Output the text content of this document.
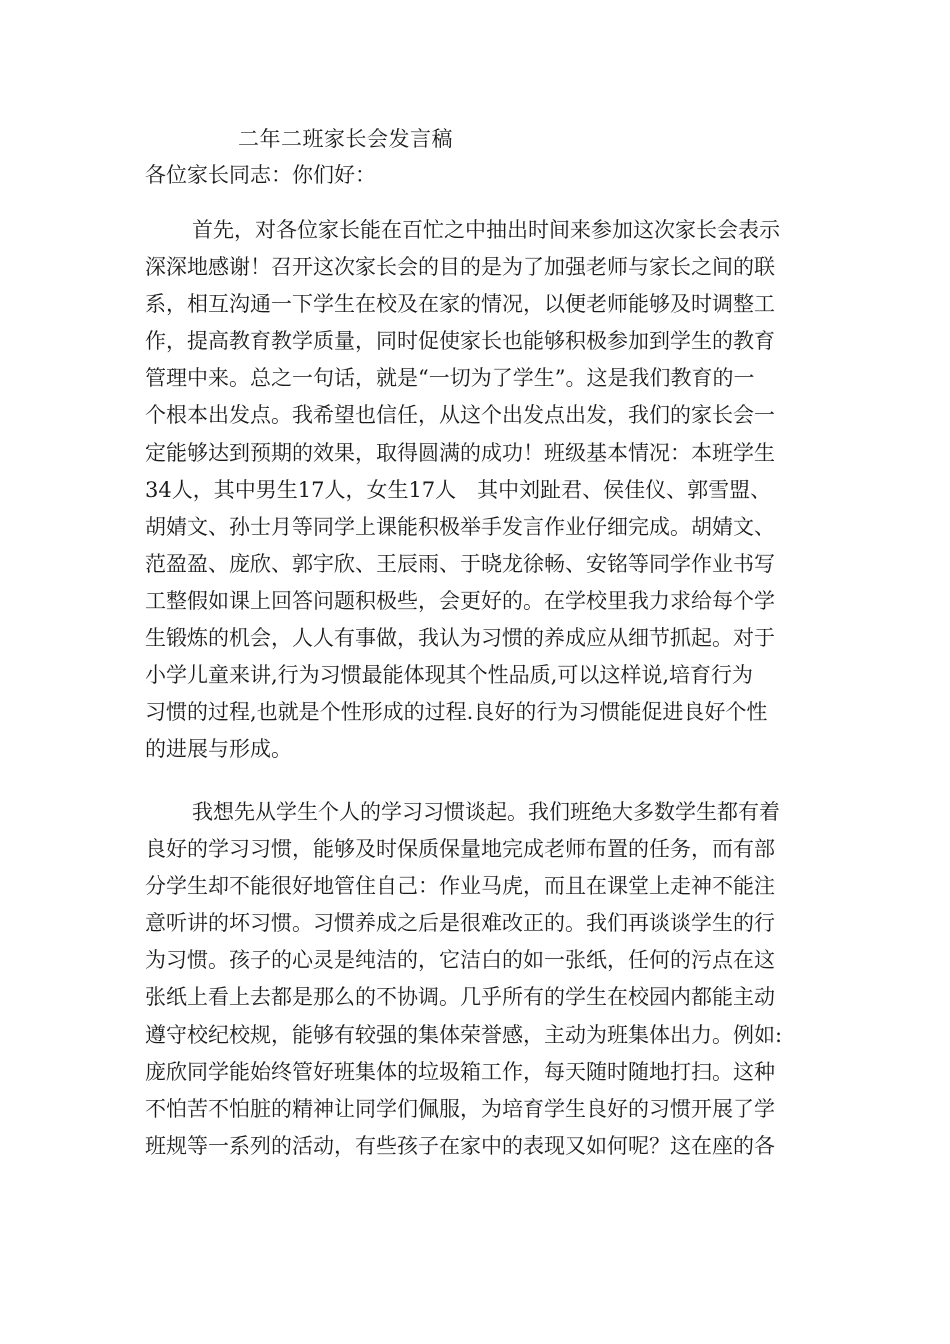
二年二班家长会发言稿
各位家长同志：你们好：
首先，对各位家长能在百忙之中抽出时间来参加这次家长会表示
深深地感谢！召开这次家长会的目的是为了加强老师与家长之间的联
系，相互沟通一下学生在校及在家的情况，以便老师能够及时调整工
作，提高教育教学质量，同时促使家长也能够积极参加到学生的教育
管理中来。总之一句话，就是“一切为了学生”。这是我们教育的一
个根本出发点。我希望也信任，从这个出发点出发，我们的家长会一
定能够达到预期的效果，取得圆满的成功！班级基本情况：本班学生
34人，其中男生17人，女生17人　其中刘趾君、侯佳仪、郭雪盟、
胡婧文、孙士月等同学上课能积极举手发言作业仔细完成。胡婧文、
范盈盈、庞欣、郭宇欣、王辰雨、于晓龙徐畅、安铭等同学作业书写
工整假如课上回答问题积极些，会更好的。在学校里我力求给每个学
生锻炼的机会，人人有事做，我认为习惯的养成应从细节抓起。对于
小学儿童来讲,行为习惯最能体现其个性品质,可以这样说,培育行为
习惯的过程,也就是个性形成的过程.良好的行为习惯能促进良好个性
的进展与形成。
我想先从学生个人的学习习惯谈起。我们班绝大多数学生都有着
良好的学习习惯，能够及时保质保量地完成老师布置的任务，而有部
分学生却不能很好地管住自己：作业马虎，而且在课堂上走神不能注
意听讲的坏习惯。习惯养成之后是很难改正的。我们再谈谈学生的行
为习惯。孩子的心灵是纯洁的，它洁白的如一张纸，任何的污点在这
张纸上看上去都是那么的不协调。几乎所有的学生在校园内都能主动
遵守校纪校规，能够有较强的集体荣誉感，主动为班集体出力。例如:
庞欣同学能始终管好班集体的垃圾箱工作，每天随时随地打扫。这种
不怕苦不怕脏的精神让同学们佩服，为培育学生良好的习惯开展了学
班规等一系列的活动，有些孩子在家中的表现又如何呢？这在座的各
